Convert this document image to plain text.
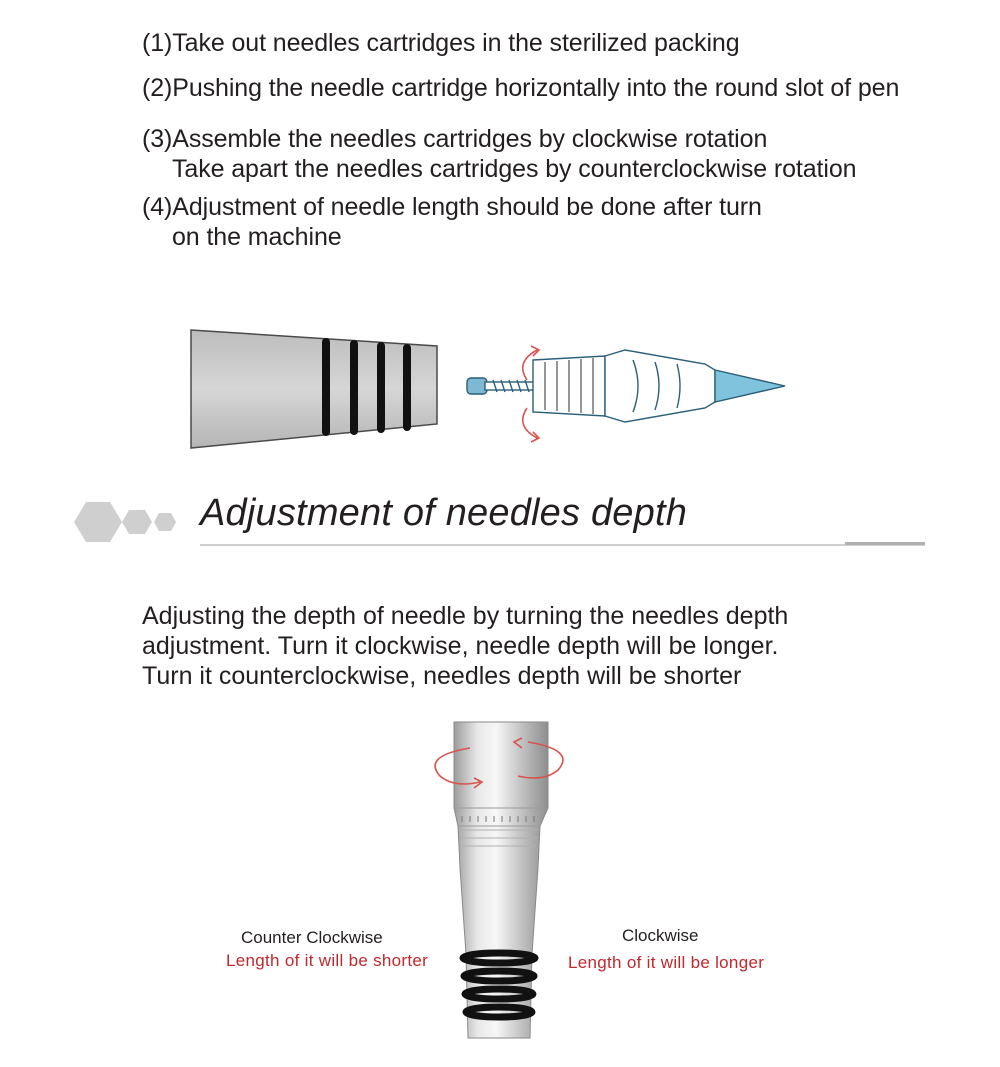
(1)Take out needles cartridges in the sterilized packing
(2)Pushing the needle cartridge horizontally into the round slot of pen
(3)Assemble the needles cartridges by clockwise rotation
Take apart the needles cartridges by counterclockwise rotation
(4)Adjustment of needle length should be done after turn
on the machine
Adjustment of needles depth
Adjusting the depth of needle by turning the needles depth
adjustment. Turn it clockwise, needle depth will be longer.
Turn it counterclockwise, needles depth will be shorter
Counter Clockwise
Length of it will be shorter
Clockwise
Length of it will be longer
